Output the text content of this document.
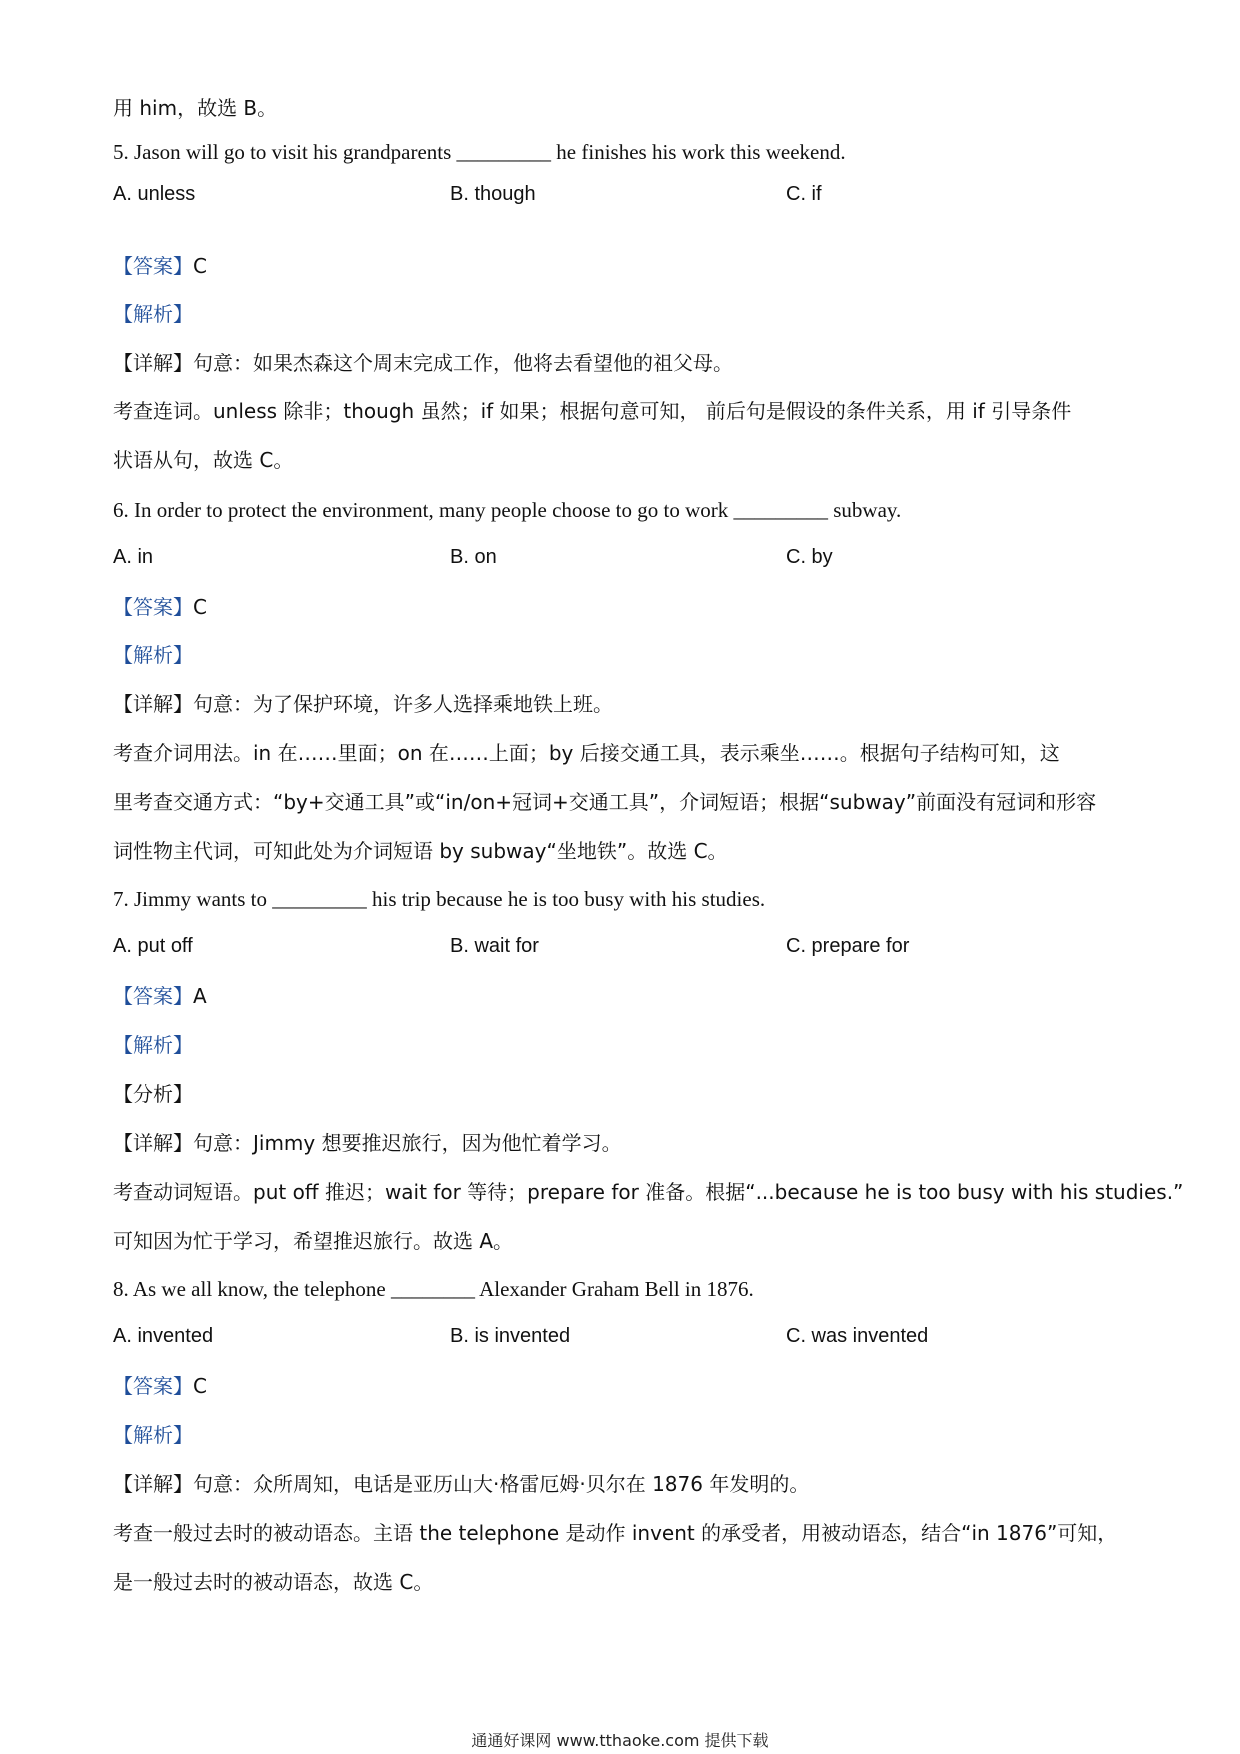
用 him，故选 B。
5. Jason will go to visit his grandparents _________ he finishes his work this weekend.
A. unless	B. though	C. if
【答案】C
【解析】
【详解】句意：如果杰森这个周末完成工作，他将去看望他的祖父母。
考查连词。unless 除非；though 虽然；if 如果；根据句意可知， 前后句是假设的条件关系，用 if 引导条件
状语从句，故选 C。
6. In order to protect the environment, many people choose to go to work _________ subway.
A. in	B. on	C. by
【答案】C
【解析】
【详解】句意：为了保护环境，许多人选择乘地铁上班。
考查介词用法。in 在……里面；on 在……上面；by 后接交通工具，表示乘坐……。根据句子结构可知，这
里考查交通方式：“by+交通工具”或“in/on+冠词+交通工具”，介词短语；根据“subway”前面没有冠词和形容
词性物主代词，可知此处为介词短语 by subway“坐地铁”。故选 C。
7. Jimmy wants to _________ his trip because he is too busy with his studies.
A. put off	B. wait for	C. prepare for
【答案】A
【解析】
【分析】
【详解】句意：Jimmy 想要推迟旅行，因为他忙着学习。
考查动词短语。put off 推迟；wait for 等待；prepare for 准备。根据“...because he is too busy with his studies.”
可知因为忙于学习，希望推迟旅行。故选 A。
8. As we all know, the telephone ________ Alexander Graham Bell in 1876.
A. invented	B. is invented	C. was invented
【答案】C
【解析】
【详解】句意：众所周知，电话是亚历山大·格雷厄姆·贝尔在 1876 年发明的。
考查一般过去时的被动语态。主语 the telephone 是动作 invent 的承受者，用被动语态，结合“in 1876”可知，
是一般过去时的被动语态，故选 C。
通通好课网 www.tthaoke.com 提供下载
